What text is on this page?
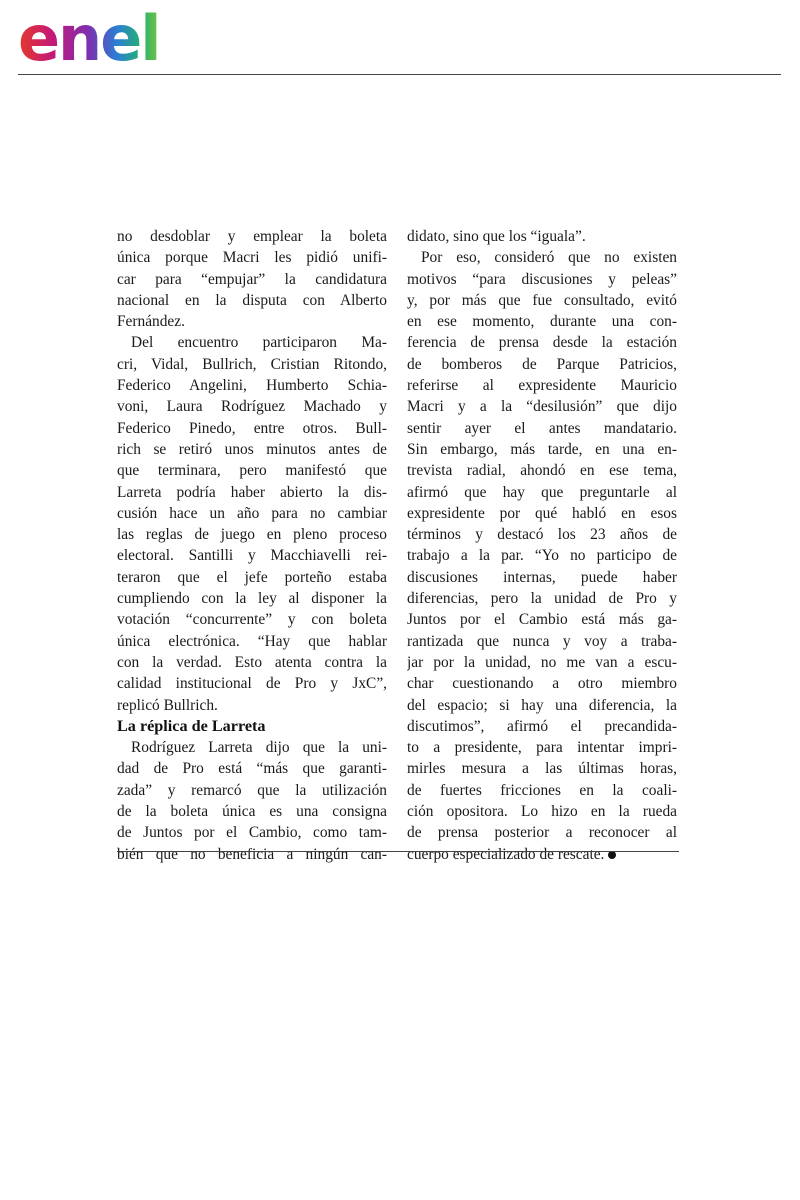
enel
no desdoblar y emplear la boleta
única porque Macri les pidió unifi-
car para “empujar” la candidatura
nacional en la disputa con Alberto
Fernández.
Del encuentro participaron Ma-
cri, Vidal, Bullrich, Cristian Ritondo,
Federico Angelini, Humberto Schia-
voni, Laura Rodríguez Machado y
Federico Pinedo, entre otros. Bull-
rich se retiró unos minutos antes de
que terminara, pero manifestó que
Larreta podría haber abierto la dis-
cusión hace un año para no cambiar
las reglas de juego en pleno proceso
electoral. Santilli y Macchiavelli rei-
teraron que el jefe porteño estaba
cumpliendo con la ley al disponer la
votación “concurrente” y con boleta
única electrónica. “Hay que hablar
con la verdad. Esto atenta contra la
calidad institucional de Pro y JxC”,
replicó Bullrich.
La réplica de Larreta
Rodríguez Larreta dijo que la uni-
dad de Pro está “más que garanti-
zada” y remarcó que la utilización
de la boleta única es una consigna
de Juntos por el Cambio, como tam-
bién que no beneficia a ningún can-
didato, sino que los “iguala”.
Por eso, consideró que no existen
motivos “para discusiones y peleas”
y, por más que fue consultado, evitó
en ese momento, durante una con-
ferencia de prensa desde la estación
de bomberos de Parque Patricios,
referirse al expresidente Mauricio
Macri y a la “desilusión” que dijo
sentir ayer el antes mandatario.
Sin embargo, más tarde, en una en-
trevista radial, ahondó en ese tema,
afirmó que hay que preguntarle al
expresidente por qué habló en esos
términos y destacó los 23 años de
trabajo a la par. “Yo no participo de
discusiones internas, puede haber
diferencias, pero la unidad de Pro y
Juntos por el Cambio está más ga-
rantizada que nunca y voy a traba-
jar por la unidad, no me van a escu-
char cuestionando a otro miembro
del espacio; si hay una diferencia, la
discutimos”, afirmó el precandida-
to a presidente, para intentar impri-
mirles mesura a las últimas horas,
de fuertes fricciones en la coali-
ción opositora. Lo hizo en la rueda
de prensa posterior a reconocer al
cuerpo especializado de rescate.
